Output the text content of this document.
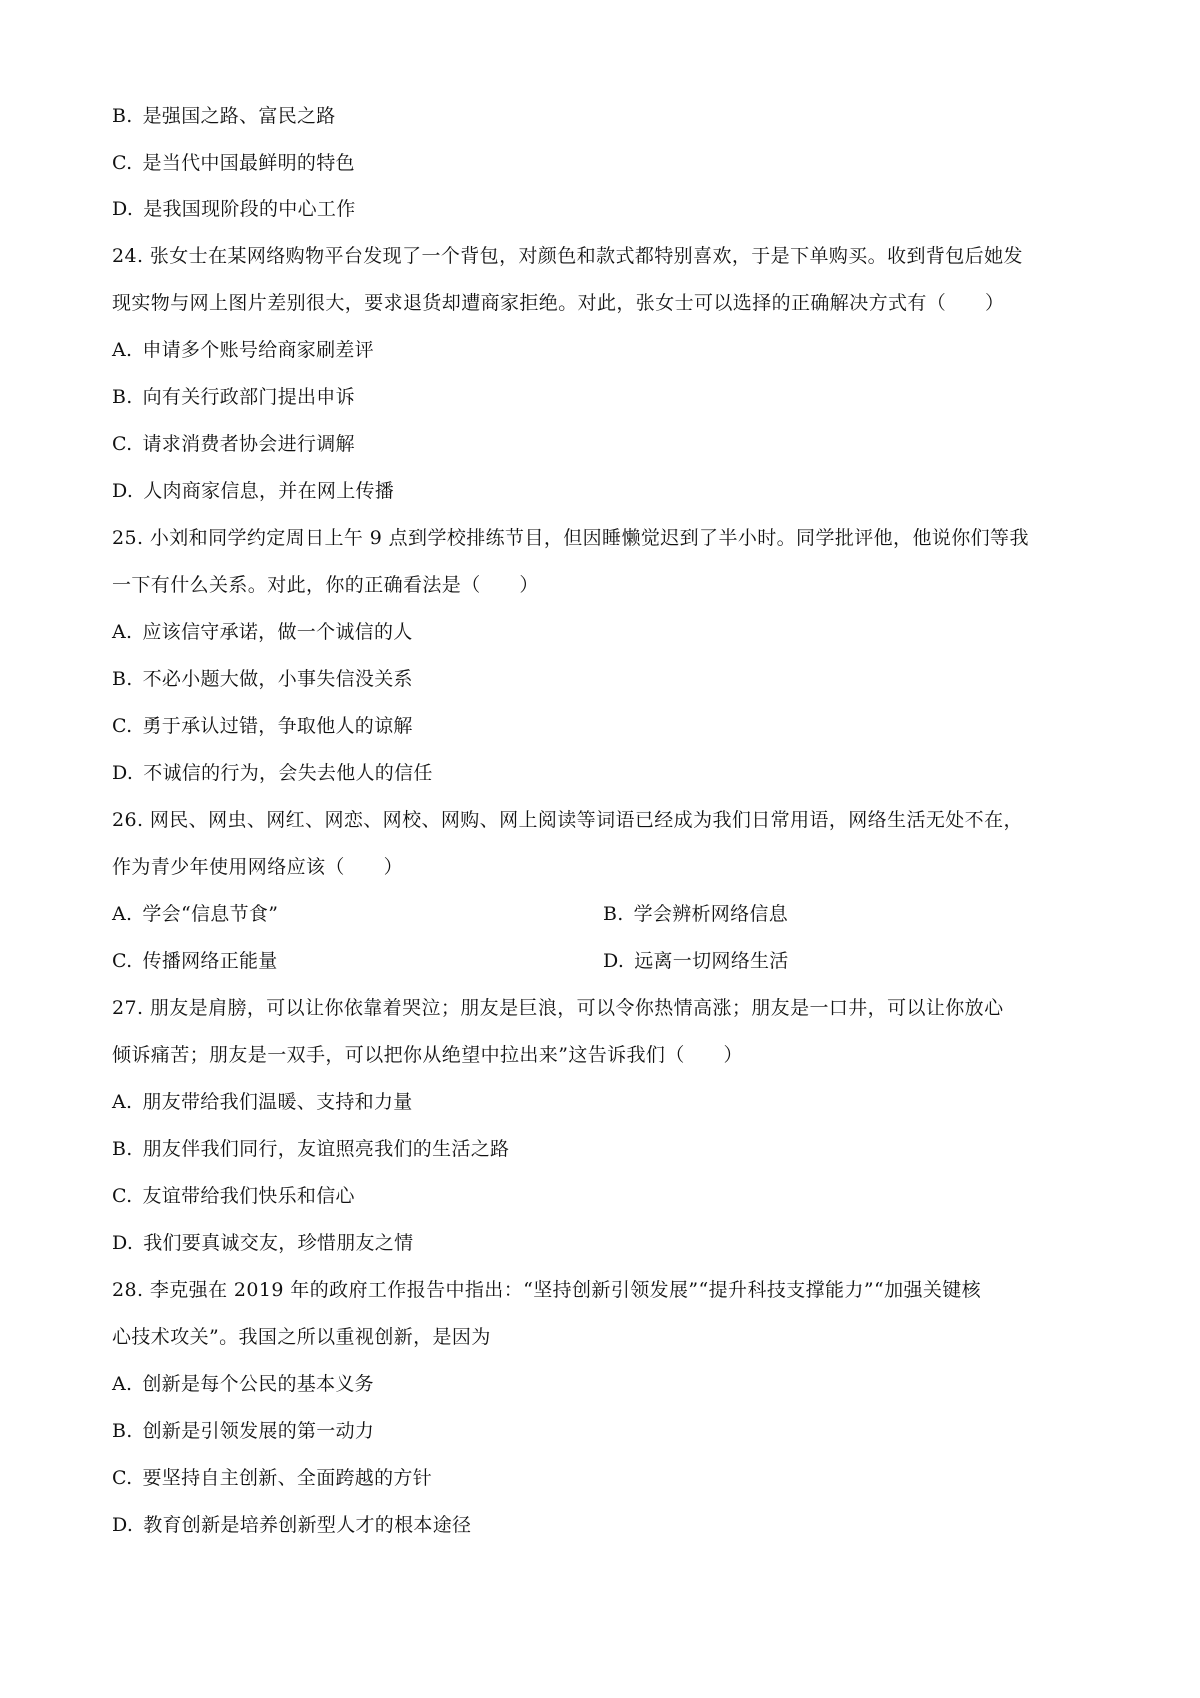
B. 是强国之路、富民之路
C. 是当代中国最鲜明的特色
D. 是我国现阶段的中心工作
24. 张女士在某网络购物平台发现了一个背包，对颜色和款式都特别喜欢，于是下单购买。收到背包后她发
现实物与网上图片差别很大，要求退货却遭商家拒绝。对此，张女士可以选择的正确解决方式有（　　）
A. 申请多个账号给商家刷差评
B. 向有关行政部门提出申诉
C. 请求消费者协会进行调解
D. 人肉商家信息，并在网上传播
25. 小刘和同学约定周日上午 9 点到学校排练节目，但因睡懒觉迟到了半小时。同学批评他，他说你们等我
一下有什么关系。对此，你的正确看法是（　　）
A. 应该信守承诺，做一个诚信的人
B. 不必小题大做，小事失信没关系
C. 勇于承认过错，争取他人的谅解
D. 不诚信的行为，会失去他人的信任
26. 网民、网虫、网红、网恋、网校、网购、网上阅读等词语已经成为我们日常用语，网络生活无处不在，
作为青少年使用网络应该（　　）
A. 学会“信息节食”	B. 学会辨析网络信息
C. 传播网络正能量	D. 远离一切网络生活
27. 朋友是肩膀，可以让你依靠着哭泣；朋友是巨浪，可以令你热情高涨；朋友是一口井，可以让你放心
倾诉痛苦；朋友是一双手，可以把你从绝望中拉出来”这告诉我们（　　）
A. 朋友带给我们温暖、支持和力量
B. 朋友伴我们同行，友谊照亮我们的生活之路
C. 友谊带给我们快乐和信心
D. 我们要真诚交友，珍惜朋友之情
28. 李克强在 2019 年的政府工作报告中指出：“坚持创新引领发展”“提升科技支撑能力”“加强关键核
心技术攻关”。我国之所以重视创新，是因为
A. 创新是每个公民的基本义务
B. 创新是引领发展的第一动力
C. 要坚持自主创新、全面跨越的方针
D. 教育创新是培养创新型人才的根本途径
